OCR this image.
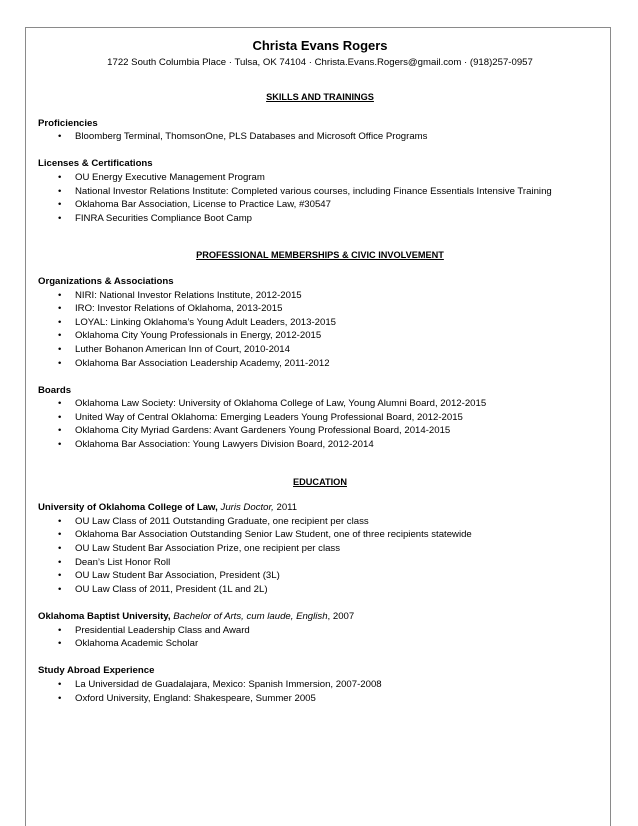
Christa Evans Rogers
1722 South Columbia Place · Tulsa, OK 74104 · Christa.Evans.Rogers@gmail.com · (918)257-0957
SKILLS AND TRAININGS
Proficiencies
• Bloomberg Terminal, ThomsonOne, PLS Databases and Microsoft Office Programs
Licenses & Certifications
• OU Energy Executive Management Program
• National Investor Relations Institute: Completed various courses, including Finance Essentials Intensive Training
• Oklahoma Bar Association, License to Practice Law, #30547
• FINRA Securities Compliance Boot Camp
PROFESSIONAL MEMBERSHIPS & CIVIC INVOLVEMENT
Organizations & Associations
• NIRI: National Investor Relations Institute, 2012-2015
• IRO: Investor Relations of Oklahoma, 2013-2015
• LOYAL: Linking Oklahoma’s Young Adult Leaders, 2013-2015
• Oklahoma City Young Professionals in Energy, 2012-2015
• Luther Bohanon American Inn of Court, 2010-2014
• Oklahoma Bar Association Leadership Academy, 2011-2012
Boards
• Oklahoma Law Society: University of Oklahoma College of Law, Young Alumni Board, 2012-2015
• United Way of Central Oklahoma: Emerging Leaders Young Professional Board, 2012-2015
• Oklahoma City Myriad Gardens: Avant Gardeners Young Professional Board, 2014-2015
• Oklahoma Bar Association: Young Lawyers Division Board, 2012-2014
EDUCATION
University of Oklahoma College of Law, Juris Doctor, 2011
• OU Law Class of 2011 Outstanding Graduate, one recipient per class
• Oklahoma Bar Association Outstanding Senior Law Student, one of three recipients statewide
• OU Law Student Bar Association Prize, one recipient per class
• Dean’s List Honor Roll
• OU Law Student Bar Association, President (3L)
• OU Law Class of 2011, President (1L and 2L)
Oklahoma Baptist University, Bachelor of Arts, cum laude, English, 2007
• Presidential Leadership Class and Award
• Oklahoma Academic Scholar
Study Abroad Experience
• La Universidad de Guadalajara, Mexico: Spanish Immersion, 2007-2008
• Oxford University, England: Shakespeare, Summer 2005
